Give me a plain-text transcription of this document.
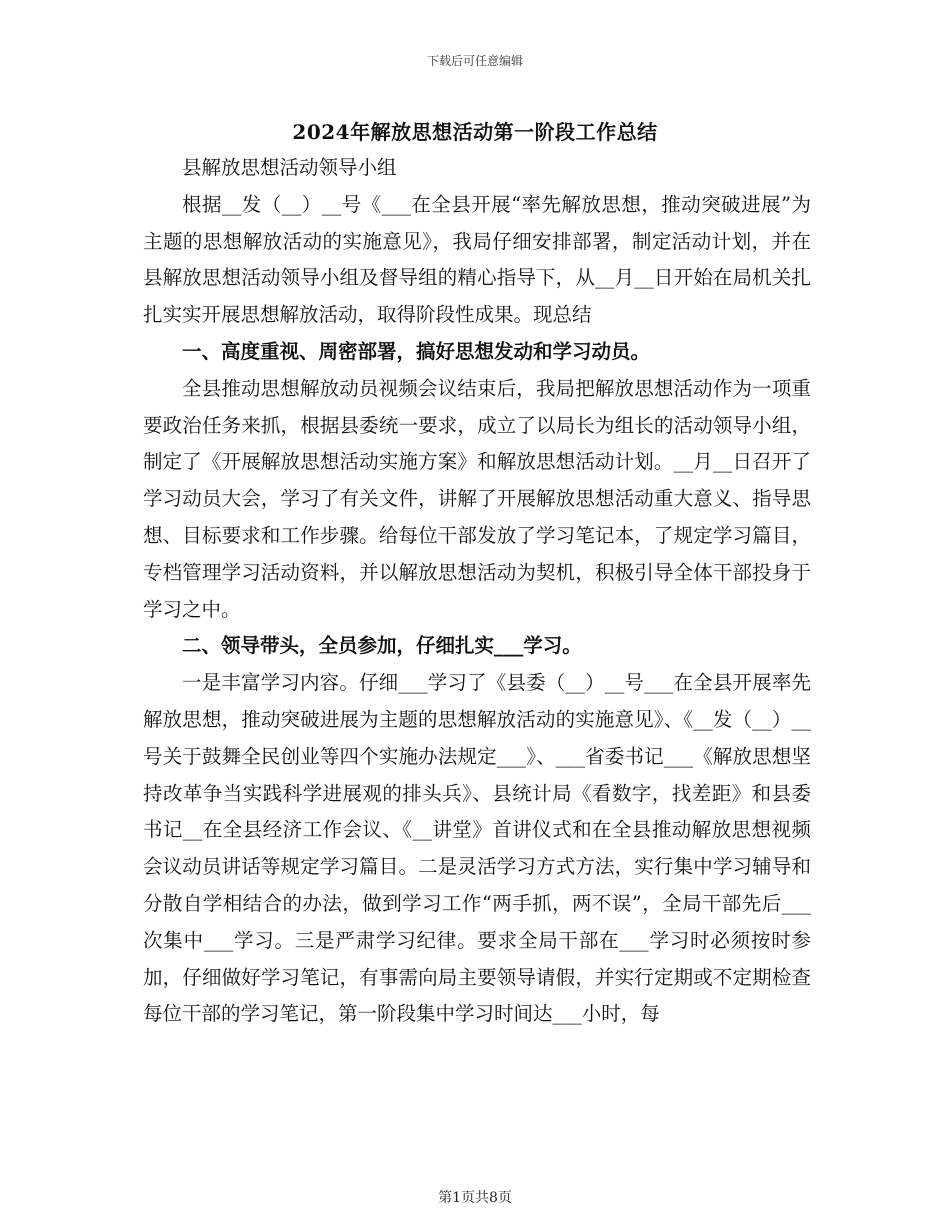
下载后可任意编辑
2024年解放思想活动第一阶段工作总结

县解放思想活动领导小组

根据__发（__）__号《___在全县开展“率先解放思想，推动突破进展”为主题的思想解放活动的实施意见》，我局仔细安排部署，制定活动计划，并在县解放思想活动领导小组及督导组的精心指导下，从__月__日开始在局机关扎扎实实开展思想解放活动，取得阶段性成果。现总结

一、高度重视、周密部署，搞好思想发动和学习动员。

全县推动思想解放动员视频会议结束后，我局把解放思想活动作为一项重要政治任务来抓，根据县委统一要求，成立了以局长为组长的活动领导小组，制定了《开展解放思想活动实施方案》和解放思想活动计划。__月__日召开了学习动员大会，学习了有关文件，讲解了开展解放思想活动重大意义、指导思想、目标要求和工作步骤。给每位干部发放了学习笔记本，了规定学习篇目，专档管理学习活动资料，并以解放思想活动为契机，积极引导全体干部投身于学习之中。

二、领导带头，全员参加，仔细扎实___学习。

一是丰富学习内容。仔细___学习了《县委（__）__号___在全县开展率先解放思想，推动突破进展为主题的思想解放活动的实施意见》、《__发（__）__号关于鼓舞全民创业等四个实施办法规定___》、___省委书记___《解放思想坚持改革争当实践科学进展观的排头兵》、县统计局《看数字，找差距》和县委书记__在全县经济工作会议、《__讲堂》首讲仪式和在全县推动解放思想视频会议动员讲话等规定学习篇目。二是灵活学习方式方法，实行集中学习辅导和分散自学相结合的办法，做到学习工作“两手抓，两不误”，全局干部先后___次集中___学习。三是严肃学习纪律。要求全局干部在___学习时必须按时参加，仔细做好学习笔记，有事需向局主要领导请假，并实行定期或不定期检查每位干部的学习笔记，第一阶段集中学习时间达___小时，每

第1页共8页
